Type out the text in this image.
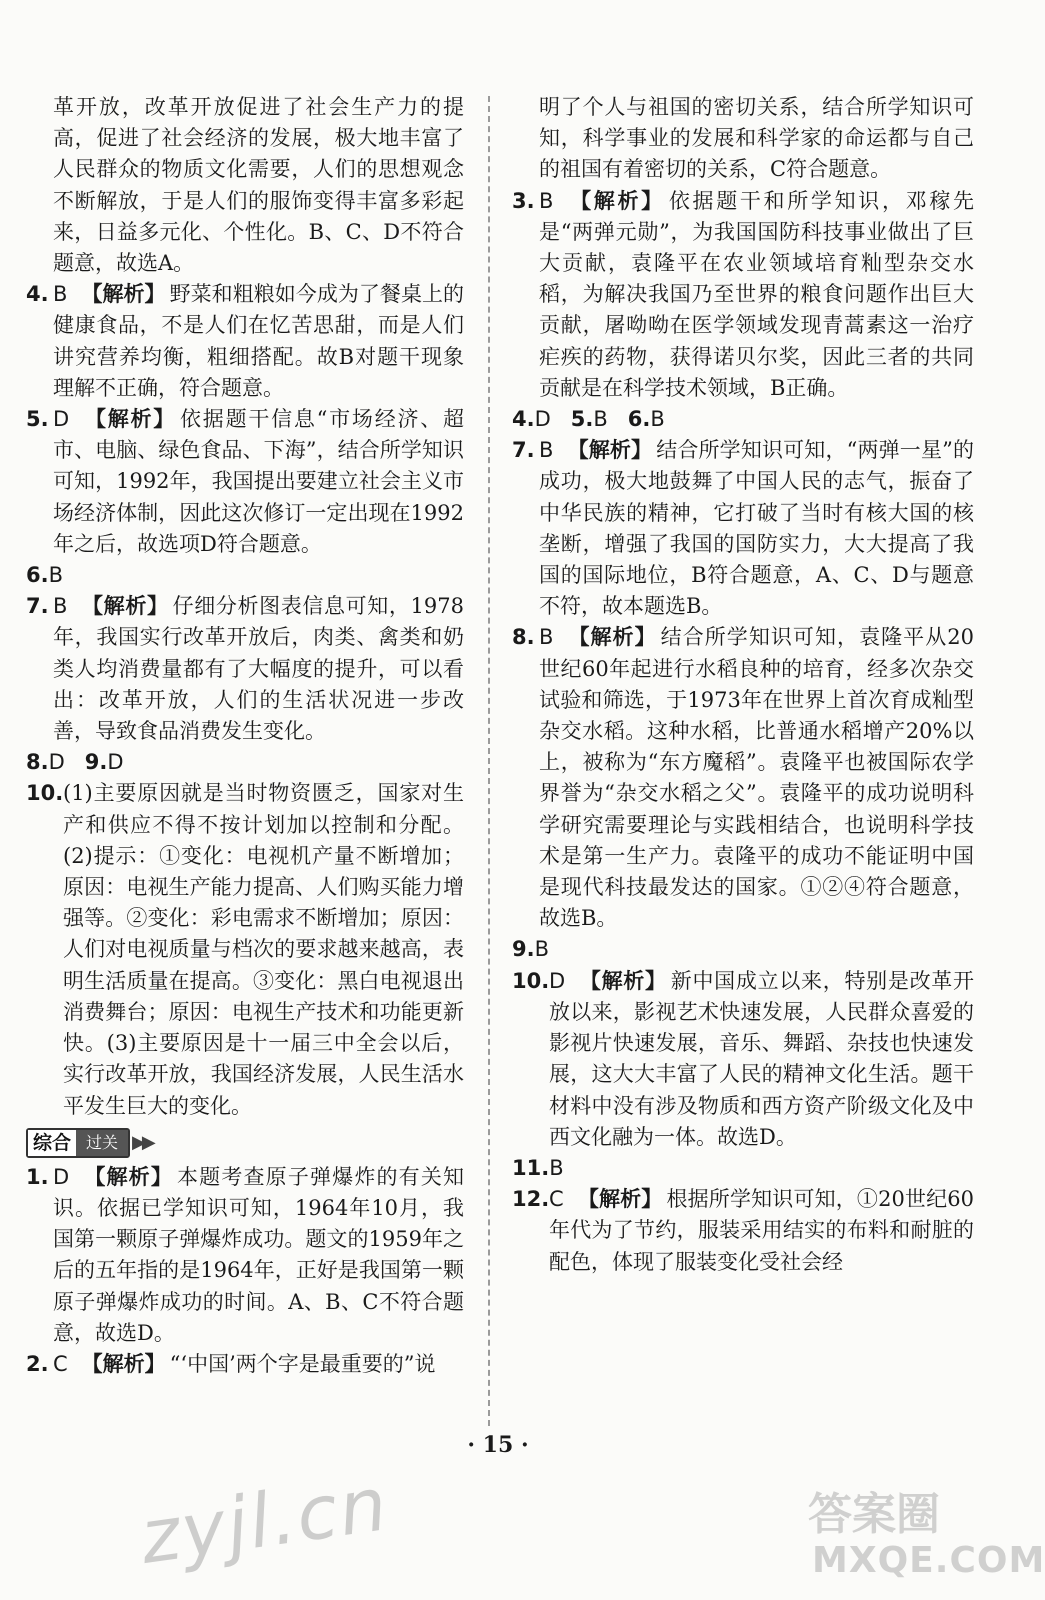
革开放，改革开放促进了社会生产力的提高，促进了社会经济的发展，极大地丰富了人民群众的物质文化需要，人们的思想观念不断解放，于是人们的服饰变得丰富多彩起来，日益多元化、个性化。B、C、D不符合题意，故选A。

4. B 【解析】 野菜和粗粮如今成为了餐桌上的健康食品，不是人们在忆苦思甜，而是人们讲究营养均衡，粗细搭配。故B对题干现象理解不正确，符合题意。
5. D 【解析】 依据题干信息“市场经济、超市、电脑、绿色食品、下海”，结合所学知识可知，1992年，我国提出要建立社会主义市场经济体制，因此这次修订一定出现在1992年之后，故选项D符合题意。
6.B
7. B 【解析】 仔细分析图表信息可知，1978年，我国实行改革开放后，肉类、禽类和奶类人均消费量都有了大幅度的提升，可以看出：改革开放，人们的生活状况进一步改善，导致食品消费发生变化。
8.D 9.D
10. (1)主要原因就是当时物资匮乏，国家对生产和供应不得不按计划加以控制和分配。(2)提示：①变化：电视机产量不断增加；原因：电视生产能力提高、人们购买能力增强等。②变化：彩电需求不断增加；原因：人们对电视质量与档次的要求越来越高，表明生活质量在提高。③变化：黑白电视退出消费舞台；原因：电视生产技术和功能更新快。(3)主要原因是十一届三中全会以后，实行改革开放，我国经济发展，人民生活水平发生巨大的变化。
综合 过关 ▶▶
1. D 【解析】 本题考查原子弹爆炸的有关知识。依据已学知识可知，1964年10月，我国第一颗原子弹爆炸成功。题文的1959年之后的五年指的是1964年，正好是我国第一颗原子弹爆炸成功的时间。A、B、C不符合题意，故选D。
2. C 【解析】 “‘中国’两个字是最重要的”说

明了个人与祖国的密切关系，结合所学知识可知，科学事业的发展和科学家的命运都与自己的祖国有着密切的关系，C符合题意。

3. B 【解析】 依据题干和所学知识，邓稼先是“两弹元勋”，为我国国防科技事业做出了巨大贡献，袁隆平在农业领域培育籼型杂交水稻，为解决我国乃至世界的粮食问题作出巨大贡献，屠呦呦在医学领域发现青蒿素这一治疗疟疾的药物，获得诺贝尔奖，因此三者的共同贡献是在科学技术领域，B正确。
4.D 5.B 6.B
7. B 【解析】 结合所学知识可知，“两弹一星”的成功，极大地鼓舞了中国人民的志气，振奋了中华民族的精神，它打破了当时有核大国的核垄断，增强了我国的国防实力，大大提高了我国的国际地位，B符合题意，A、C、D与题意不符，故本题选B。
8. B 【解析】 结合所学知识可知，袁隆平从20世纪60年起进行水稻良种的培育，经多次杂交试验和筛选，于1973年在世界上首次育成籼型杂交水稻。这种水稻，比普通水稻增产20%以上，被称为“东方魔稻”。袁隆平也被国际农学界誉为“杂交水稻之父”。袁隆平的成功说明科学研究需要理论与实践相结合，也说明科学技术是第一生产力。袁隆平的成功不能证明中国是现代科技最发达的国家。①②④符合题意，故选B。
9.B
10. D 【解析】 新中国成立以来，特别是改革开放以来，影视艺术快速发展，人民群众喜爱的影视片快速发展，音乐、舞蹈、杂技也快速发展，这大大丰富了人民的精神文化生活。题干材料中没有涉及物质和西方资产阶级文化及中西文化融为一体。故选D。
11.B
12. C 【解析】 根据所学知识可知，①20世纪60年代为了节约，服装采用结实的布料和耐脏的配色，体现了服装变化受社会经
· 15 ·
zyjl.cn	答案圈
MXQE.COM
